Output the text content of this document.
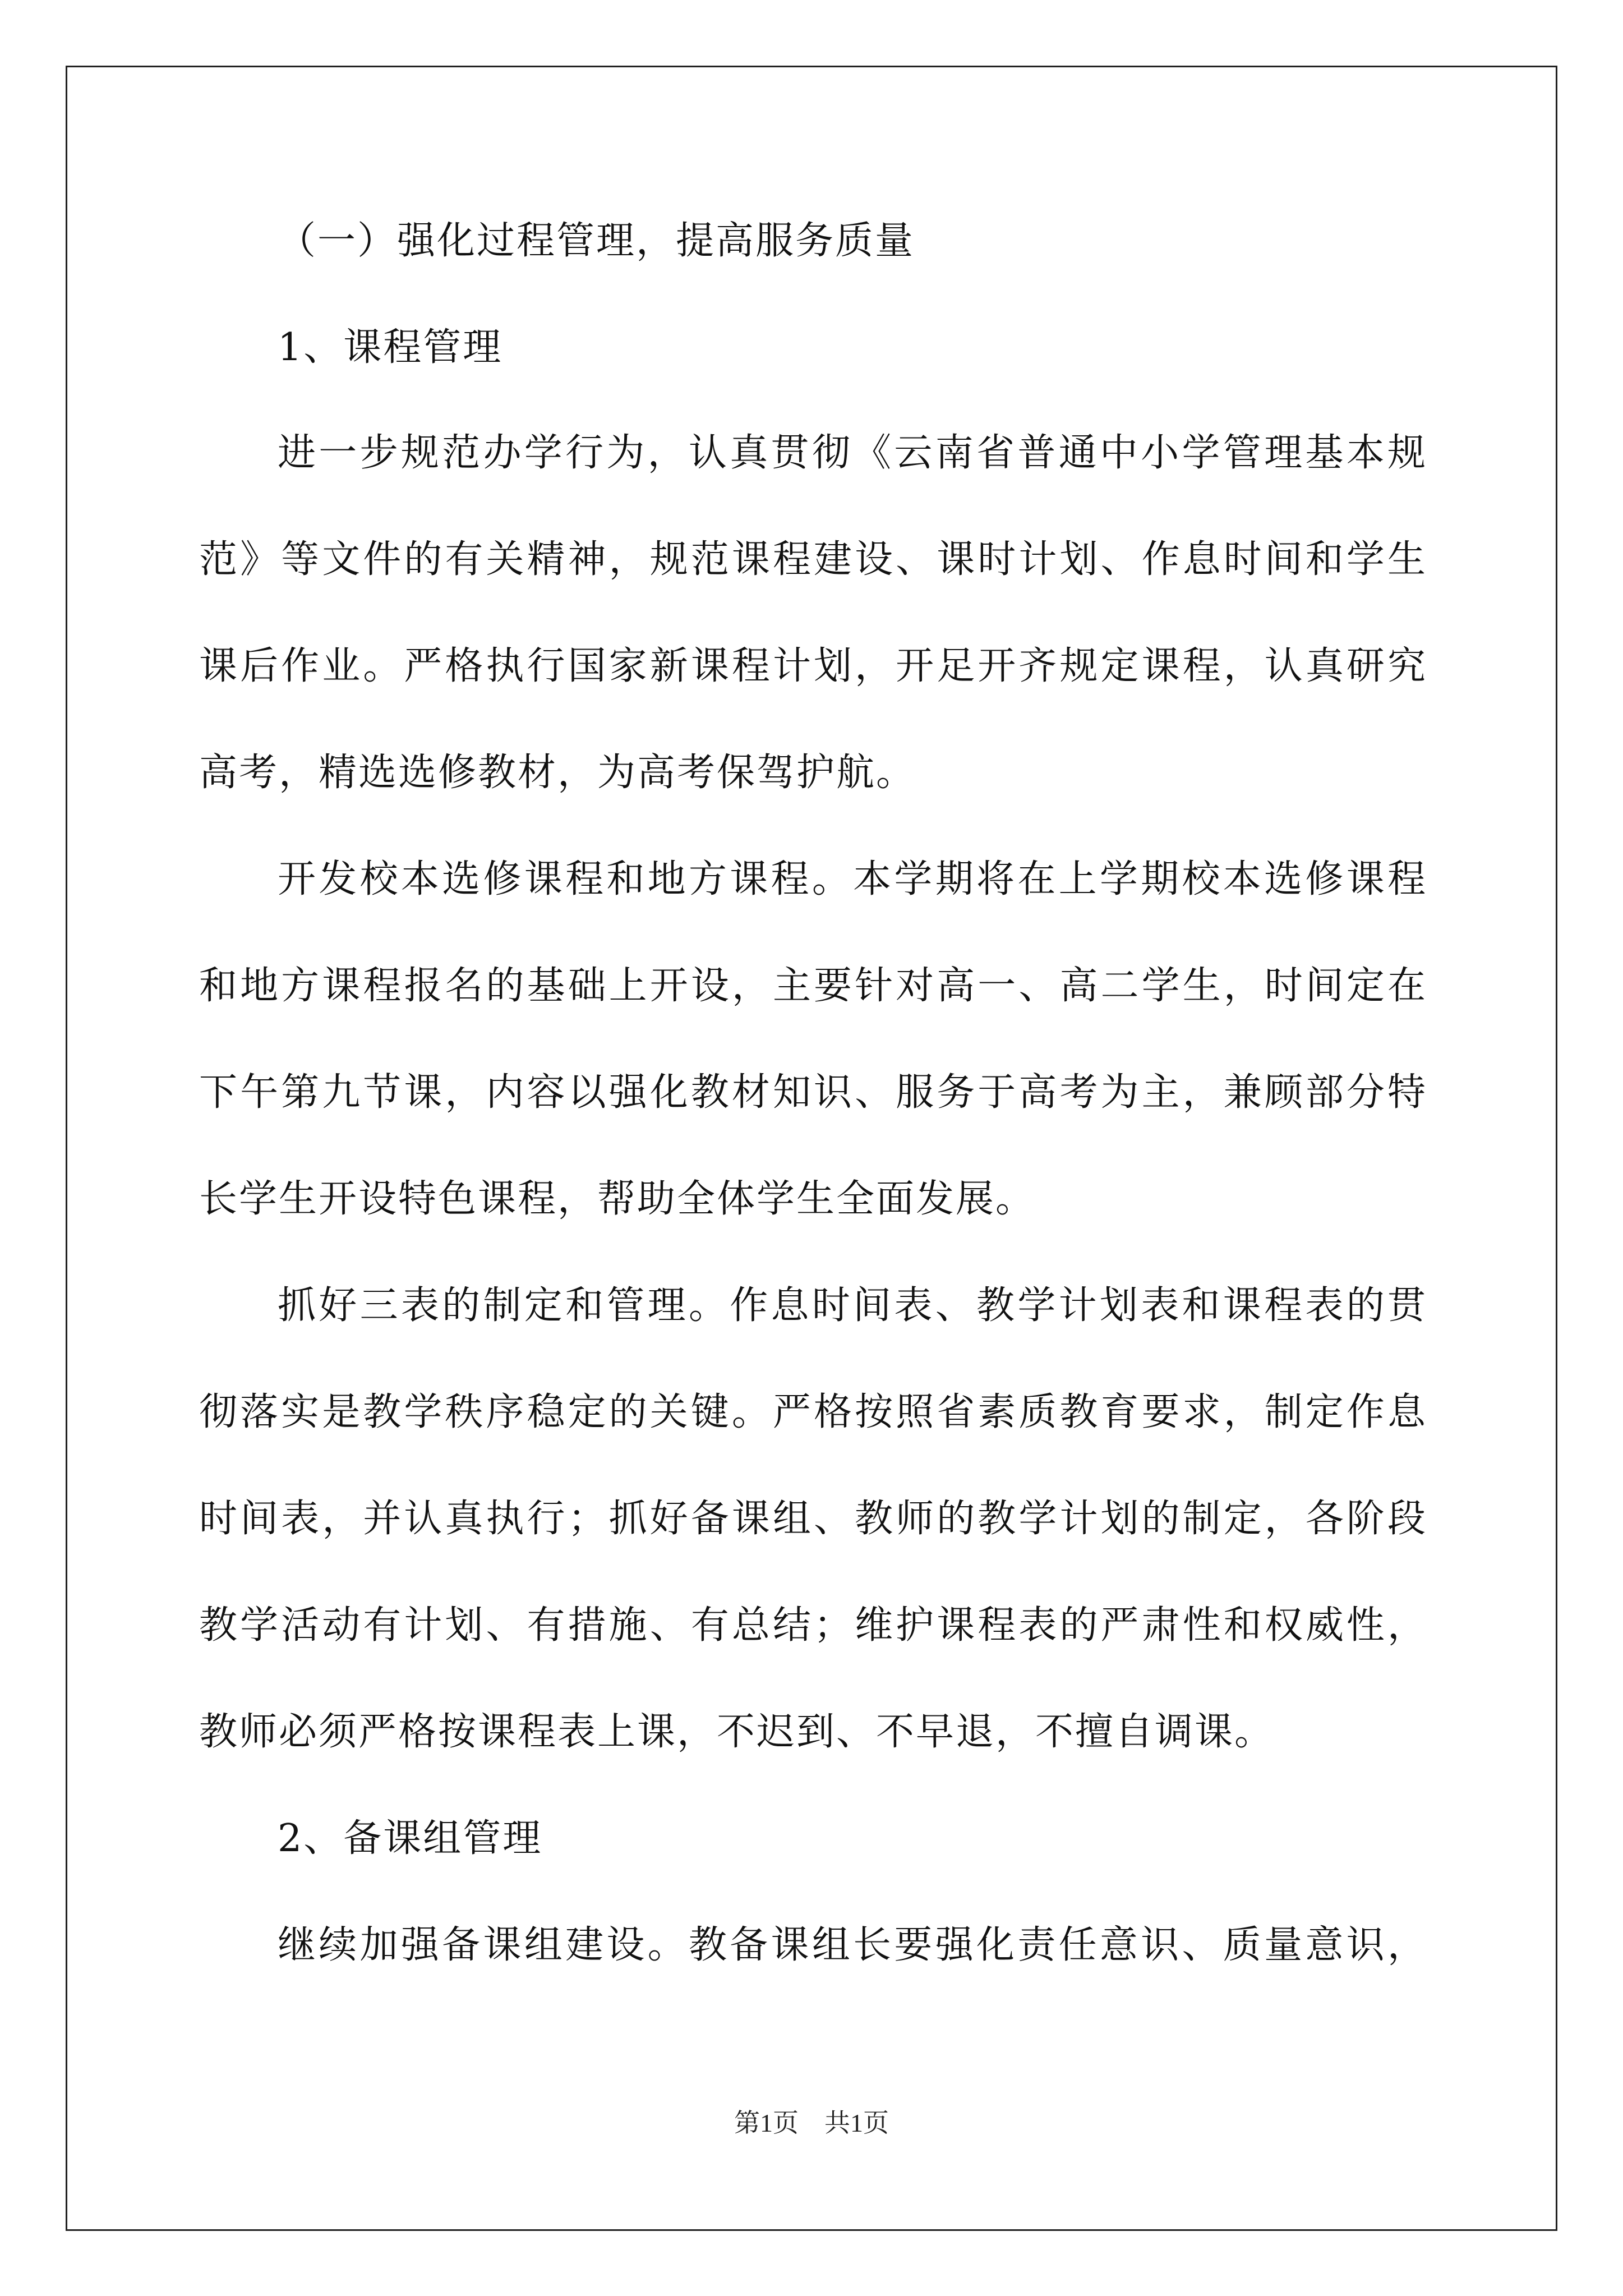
（一）强化过程管理，提高服务质量
1、课程管理
进一步规范办学行为，认真贯彻《云南省普通中小学管理基本规
范》等文件的有关精神，规范课程建设、课时计划、作息时间和学生
课后作业。严格执行国家新课程计划，开足开齐规定课程，认真研究
高考，精选选修教材，为高考保驾护航。
开发校本选修课程和地方课程。本学期将在上学期校本选修课程
和地方课程报名的基础上开设，主要针对高一、高二学生，时间定在
下午第九节课，内容以强化教材知识、服务于高考为主，兼顾部分特
长学生开设特色课程，帮助全体学生全面发展。
抓好三表的制定和管理。作息时间表、教学计划表和课程表的贯
彻落实是教学秩序稳定的关键。严格按照省素质教育要求，制定作息
时间表，并认真执行；抓好备课组、教师的教学计划的制定，各阶段
教学活动有计划、有措施、有总结；维护课程表的严肃性和权威性，
教师必须严格按课程表上课，不迟到、不早退，不擅自调课。
2、备课组管理
继续加强备课组建设。教备课组长要强化责任意识、质量意识，
第1页　共1页
